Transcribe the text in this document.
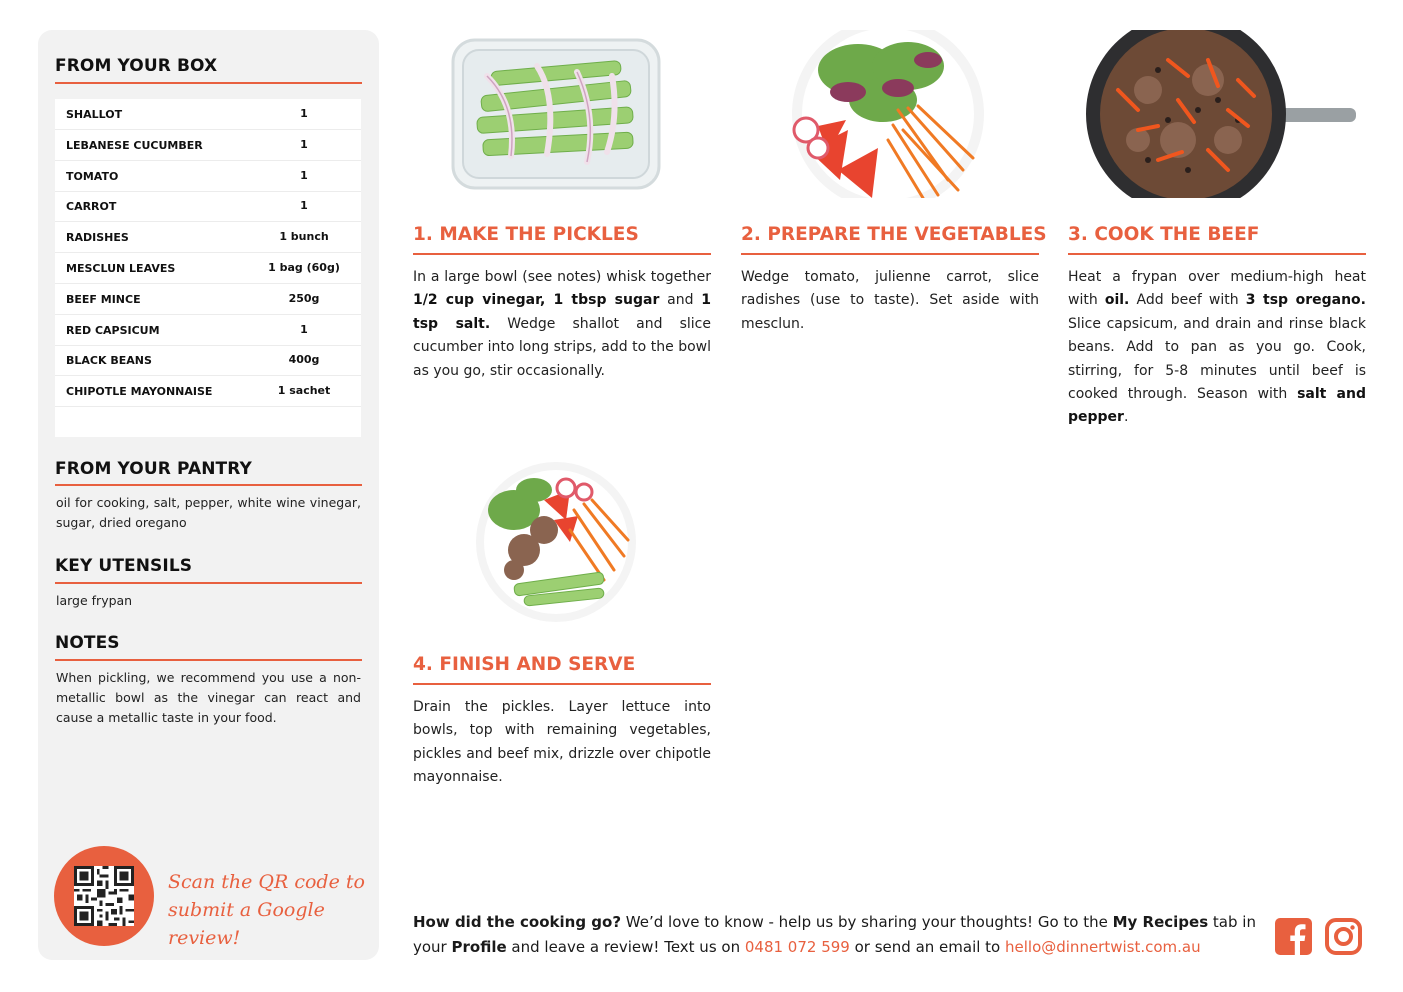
FROM YOUR BOX
SHALLOT	1
LEBANESE CUCUMBER	1
TOMATO	1
CARROT	1
RADISHES	1 bunch
MESCLUN LEAVES	1 bag (60g)
BEEF MINCE	250g
RED CAPSICUM	1
BLACK BEANS	400g
CHIPOTLE MAYONNAISE	1 sachet
FROM YOUR PANTRY
oil for cooking, salt, pepper, white wine vinegar, sugar, dried oregano
KEY UTENSILS
large frypan
NOTES
When pickling, we recommend you use a non-metallic bowl as the vinegar can react and cause a metallic taste in your food.
Scan the QR code to
submit a Google review!
1. MAKE THE PICKLES
In a large bowl (see notes) whisk together 1/2 cup vinegar, 1 tbsp sugar and 1 tsp salt. Wedge shallot and slice cucumber into long strips, add to the bowl as you go, stir occasionally.
2. PREPARE THE VEGETABLES
Wedge tomato, julienne carrot, slice radishes (use to taste). Set aside with mesclun.
3. COOK THE BEEF
Heat a frypan over medium-high heat with oil. Add beef with 3 tsp oregano. Slice capsicum, and drain and rinse black beans. Add to pan as you go. Cook, stirring, for 5-8 minutes until beef is cooked through. Season with salt and pepper.
4. FINISH AND SERVE
Drain the pickles. Layer lettuce into bowls, top with remaining vegetables, pickles and beef mix, drizzle over chipotle mayonnaise.
How did the cooking go? We’d love to know - help us by sharing your thoughts! Go to the My Recipes tab in your Profile and leave a review! Text us on 0481 072 599 or send an email to hello@dinnertwist.com.au
